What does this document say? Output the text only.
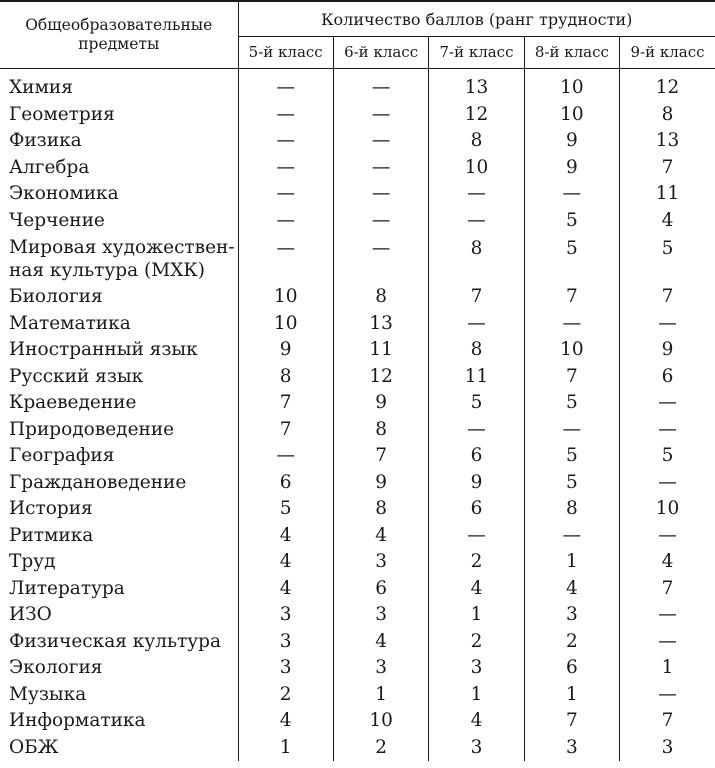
Общеобразовательные предметы	Количество баллов (ранг трудности)				
	5-й класс	6-й класс	7-й класс	8-й класс	9-й класс

Химия	—	—	13	10	12

Геометрия	—	—	12	10	8

Физика	—	—	8	9	13

Алгебра	—	—	10	9	7

Экономика	—	—	—	—	11

Черчение	—	—	—	5	4

Мировая художествен-
ная культура (МХК)	—	—	8	5	5

Биология	10	8	7	7	7

Математика	10	13	—	—	—

Иностранный язык	9	11	8	10	9

Русский язык	8	12	11	7	6

Краеведение	7	9	5	5	—

Природоведение	7	8	—	—	—

География	—	7	6	5	5

Граждановедение	6	9	9	5	—

История	5	8	6	8	10

Ритмика	4	4	—	—	—

Труд	4	3	2	1	4

Литература	4	6	4	4	7

ИЗО	3	3	1	3	—

Физическая культура	3	4	2	2	—

Экология	3	3	3	6	1

Музыка	2	1	1	1	—

Информатика	4	10	4	7	7

ОБЖ	1	2	3	3	3
